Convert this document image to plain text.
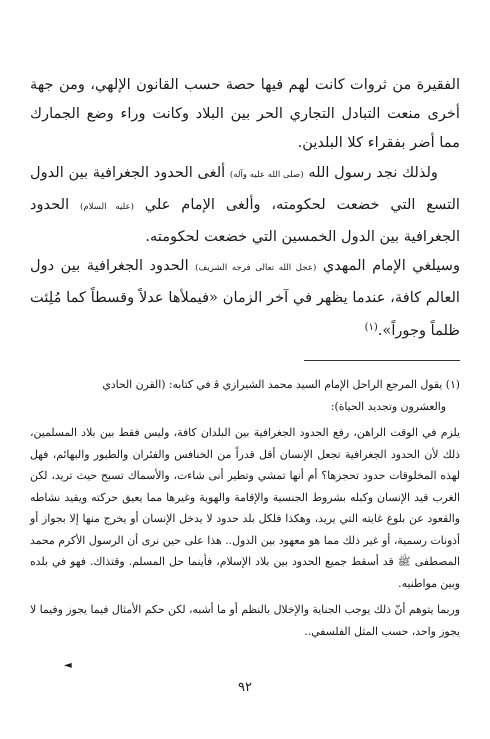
الفقيرة من ثروات كانت لهم فيها حصة حسب القانون الإلهي، ومن جهة أخرى منعت التبادل التجاري الحر بين البلاد وكانت وراء وضع الجمارك مما أضر بفقراء كلا البلدين.

ولذلك نجد رسول الله (صلى الله عليه وآله) ألغى الحدود الجغرافية بين الدول التسع التي خضعت لحكومته، وألغى الإمام علي (عليه السلام) الحدود الجغرافية بين الدول الخمسين التي خضعت لحكومته.

وسيلغي الإمام المهدي (عجل الله تعالى فرجه الشريف) الحدود الجغرافية بين دول العالم كافة، عندما يظهر في آخر الزمان «فيملأها عدلاً وقسطاً كما مُلِئت ظلماً وجوراً».$^{(١)}$

(١) يقول المرجع الراحل الإمام السيد محمد الشيرازي ﭬ في كتابه: (القرن الحادي

والعشرون وتجديد الحياة):

يلزم في الوقت الراهن، رفع الحدود الجغرافية بين البلدان كافة، وليس فقط بين بلاد المسلمين، ذلك لأن الحدود الجغرافية تجعل الإنسان أقل قدراً من الخنافس والفئران والطيور والبهائم، فهل لهذه المخلوقات حدود تحجزها؟ أم أنها تمشي وتطير أنى شاءت، والأسماك تسبح حيث تريد، لكن الغرب قيد الإنسان وكبله بشروط الجنسية والإقامة والهوية وغيرها مما يعيق حركته ويقيد نشاطه والقعود عن بلوغ غايته التي يريد، وهكذا فلكل بلد حدود لا يدخل الإنسان أو يخرج منها إلا بجواز أو أذونات رسمية، أو غير ذلك مما هو معهود بين الدول.. هذا على حين نرى أن الرسول الأكرم محمد المصطفى ﷺ قد أسقط جميع الحدود بين بلاد الإسلام، فأينما حل المسلم. وقتذاك. فهو في بلده وبين مواطنيه.

وربما يتوهم أنّ ذلك يوجب الجناية والإخلال بالنظم أو ما أشبه، لكن حكم الأمثال فيما يجوز وفيما لا يجوز واحد، حسب المثل الفلسفي..

◄
٩٢
